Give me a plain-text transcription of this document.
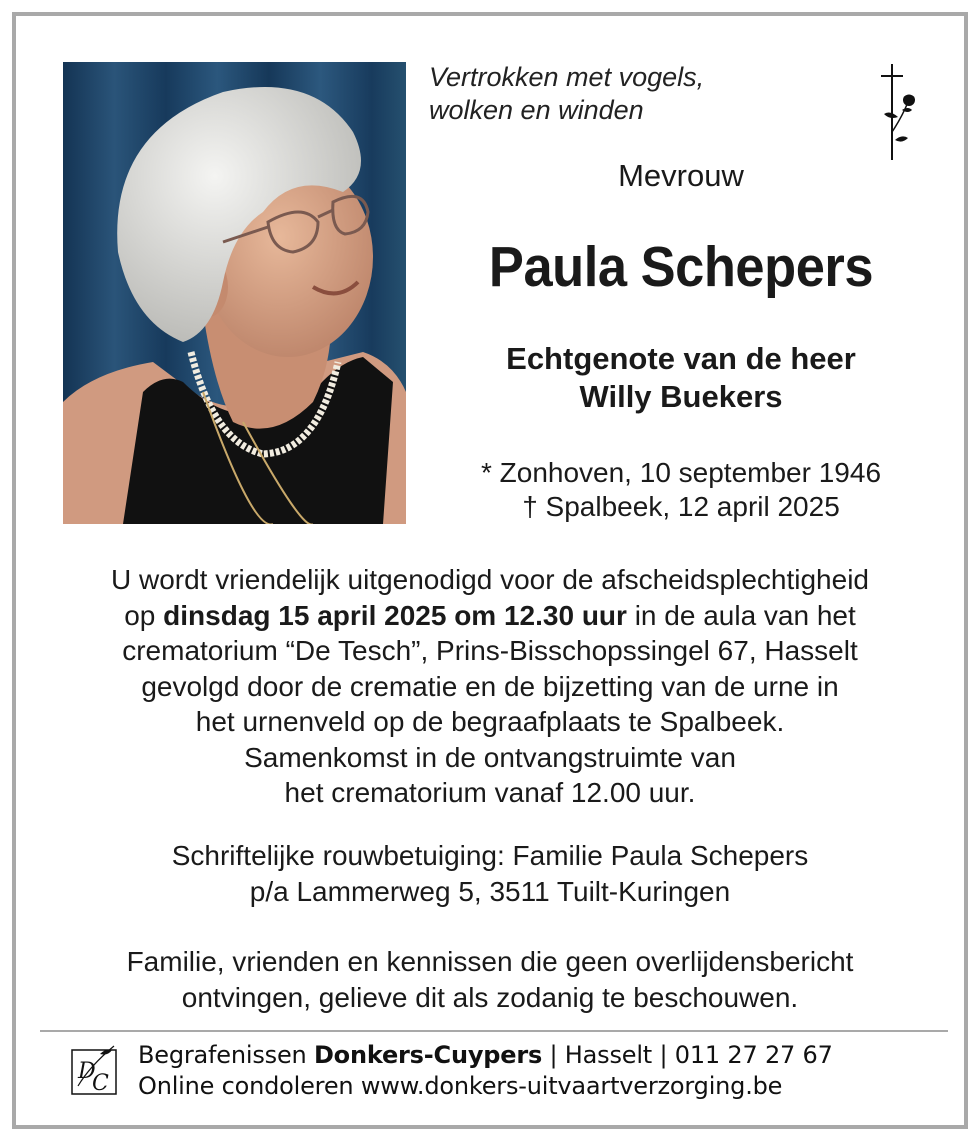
Vertrokken met vogels,
wolken en winden
Mevrouw
Paula Schepers
Echtgenote van de heer
Willy Buekers
* Zonhoven, 10 september 1946
† Spalbeek, 12 april 2025
U wordt vriendelijk uitgenodigd voor de afscheidsplechtigheid
op dinsdag 15 april 2025 om 12.30 uur in de aula van het
crematorium “De Tesch”, Prins-Bisschopssingel 67, Hasselt
gevolgd door de crematie en de bijzetting van de urne in
het urnenveld op de begraafplaats te Spalbeek.
Samenkomst in de ontvangstruimte van
het crematorium vanaf 12.00 uur.
Schriftelijke rouwbetuiging: Familie Paula Schepers
p/a Lammerweg 5, 3511 Tuilt-Kuringen
Familie, vrienden en kennissen die geen overlijdensbericht
ontvingen, gelieve dit als zodanig te beschouwen.
D
C
Begrafenissen Donkers-Cuypers | Hasselt | 011 27 27 67
Online condoleren www.donkers-uitvaartverzorging.be
